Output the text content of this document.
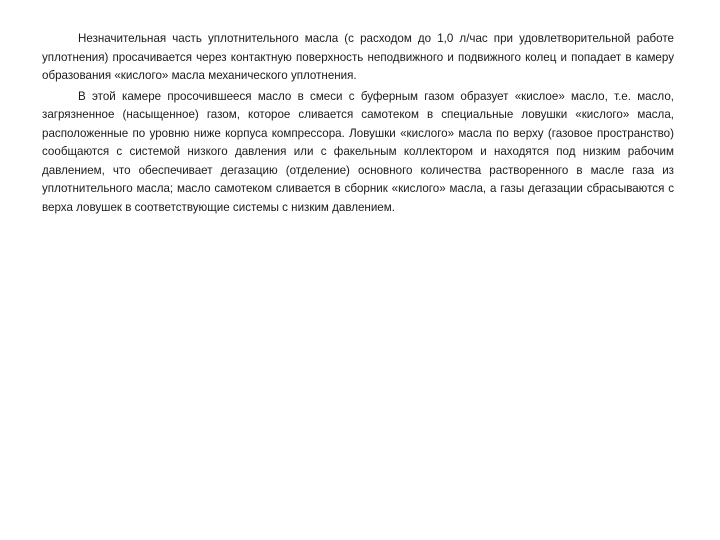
Незначительная часть уплотнительного масла (с расходом до 1,0 л/час при удовлетворительной работе уплотнения) просачивается через контактную поверхность неподвижного и подвижного колец и попадает в камеру образования «кислого» масла механического уплотнения.

В этой камере просочившееся масло в смеси с буферным газом образует «кислое» масло, т.е. масло, загрязненное (насыщенное) газом, которое сливается самотеком в специальные ловушки «кислого» масла, расположенные по уровню ниже корпуса компрессора. Ловушки «кислого» масла по верху (газовое пространство) сообщаются с системой низкого давления или с факельным коллектором и находятся под низким рабочим давлением, что обеспечивает дегазацию (отделение) основного количества растворенного в масле газа из уплотнительного масла; масло самотеком сливается в сборник «кислого» масла, а газы дегазации сбрасываются с верха ловушек в соответствующие системы с низким давлением.
